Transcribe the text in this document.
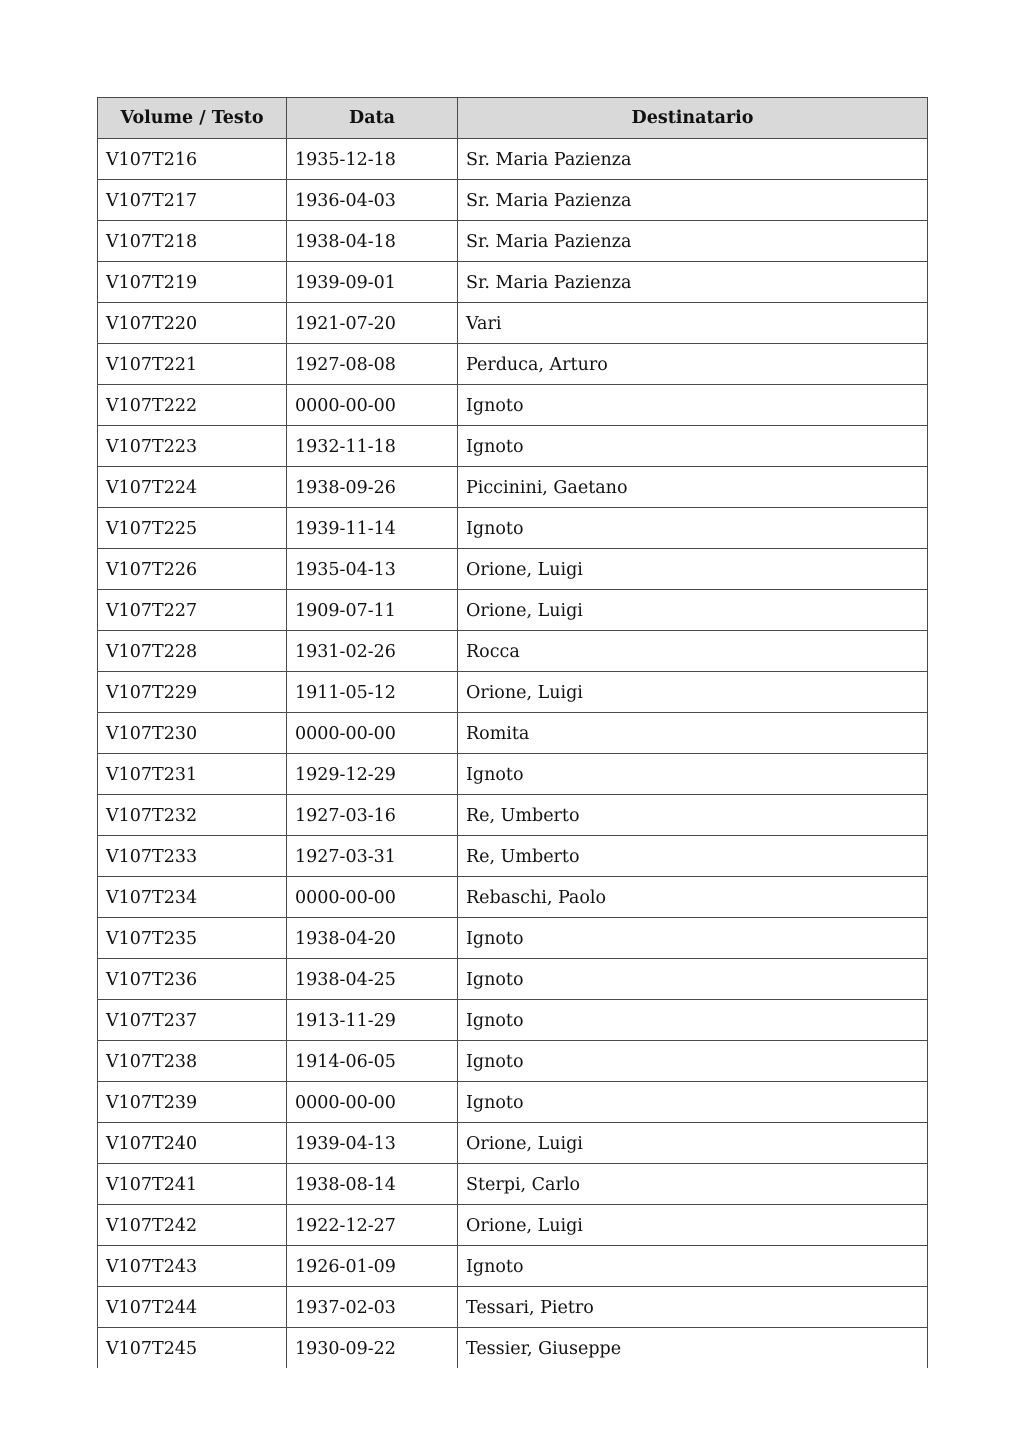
Volume / Testo	Data	Destinatario
V107T216	1935-12-18	Sr. Maria Pazienza
V107T217	1936-04-03	Sr. Maria Pazienza
V107T218	1938-04-18	Sr. Maria Pazienza
V107T219	1939-09-01	Sr. Maria Pazienza
V107T220	1921-07-20	Vari
V107T221	1927-08-08	Perduca, Arturo
V107T222	0000-00-00	Ignoto
V107T223	1932-11-18	Ignoto
V107T224	1938-09-26	Piccinini, Gaetano
V107T225	1939-11-14	Ignoto
V107T226	1935-04-13	Orione, Luigi
V107T227	1909-07-11	Orione, Luigi
V107T228	1931-02-26	Rocca
V107T229	1911-05-12	Orione, Luigi
V107T230	0000-00-00	Romita
V107T231	1929-12-29	Ignoto
V107T232	1927-03-16	Re, Umberto
V107T233	1927-03-31	Re, Umberto
V107T234	0000-00-00	Rebaschi, Paolo
V107T235	1938-04-20	Ignoto
V107T236	1938-04-25	Ignoto
V107T237	1913-11-29	Ignoto
V107T238	1914-06-05	Ignoto
V107T239	0000-00-00	Ignoto
V107T240	1939-04-13	Orione, Luigi
V107T241	1938-08-14	Sterpi, Carlo
V107T242	1922-12-27	Orione, Luigi
V107T243	1926-01-09	Ignoto
V107T244	1937-02-03	Tessari, Pietro
V107T245	1930-09-22	Tessier, Giuseppe
